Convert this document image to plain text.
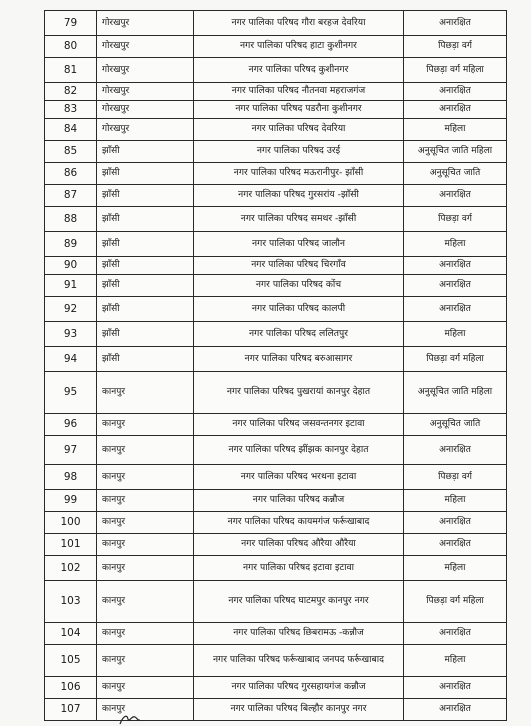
79	गोरखपुर	नगर पालिका परिषद गौरा बरहज देवरिया	अनारक्षित
80	गोरखपुर	नगर पालिका परिषद हाटा कुशीनगर	पिछड़ा वर्ग
81	गोरखपुर	नगर पालिका परिषद कुशीनगर	पिछड़ा वर्ग महिला
82	गोरखपुर	नगर पालिका परिषद नौतनवा महराजगंज	अनारक्षित
83	गोरखपुर	नगर पालिका परिषद पडरौना कुशीनगर	अनारक्षित
84	गोरखपुर	नगर पालिका परिषद देवरिया	महिला
85	झाँसी	नगर पालिका परिषद उरई	अनुसूचित जाति महिला
86	झाँसी	नगर पालिका परिषद मऊरानीपुर- झाँसी	अनुसूचित जाति
87	झाँसी	नगर पालिका परिषद गुरसरांय -झाँसी	अनारक्षित
88	झाँसी	नगर पालिका परिषद समथर -झाँसी	पिछड़ा वर्ग
89	झाँसी	नगर पालिका परिषद जालौन	महिला
90	झाँसी	नगर पालिका परिषद चिरगाँव	अनारक्षित
91	झाँसी	नगर पालिका परिषद कोंच	अनारक्षित
92	झाँसी	नगर पालिका परिषद कालपी	अनारक्षित
93	झाँसी	नगर पालिका परिषद ललितपुर	महिला
94	झाँसी	नगर पालिका परिषद बरुआसागर	पिछड़ा वर्ग महिला
95	कानपुर	नगर पालिका परिषद पुखरायां कानपुर देहात	अनुसूचित जाति महिला
96	कानपुर	नगर पालिका परिषद जसवन्तनगर इटावा	अनुसूचित जाति
97	कानपुर	नगर पालिका परिषद झींझक कानपुर देहात	अनारक्षित
98	कानपुर	नगर पालिका परिषद भरथना इटावा	पिछड़ा वर्ग
99	कानपुर	नगर पालिका परिषद कन्नौज	महिला
100	कानपुर	नगर पालिका परिषद कायमगंज फर्रूखाबाद	अनारक्षित
101	कानपुर	नगर पालिका परिषद औरैया औरैया	अनारक्षित
102	कानपुर	नगर पालिका परिषद इटावा इटावा	महिला
103	कानपुर	नगर पालिका परिषद घाटमपुर कानपुर नगर	पिछड़ा वर्ग महिला
104	कानपुर	नगर पालिका परिषद छिबरामऊ -कन्नौज	अनारक्षित
105	कानपुर	नगर पालिका परिषद फर्रूखाबाद जनपद फर्रूखाबाद	महिला
106	कानपुर	नगर पालिका परिषद गुरसहायगंज कन्नौज	अनारक्षित
107	कानपुर	नगर पालिका परिषद बिल्हौर कानपुर नगर	अनारक्षित
